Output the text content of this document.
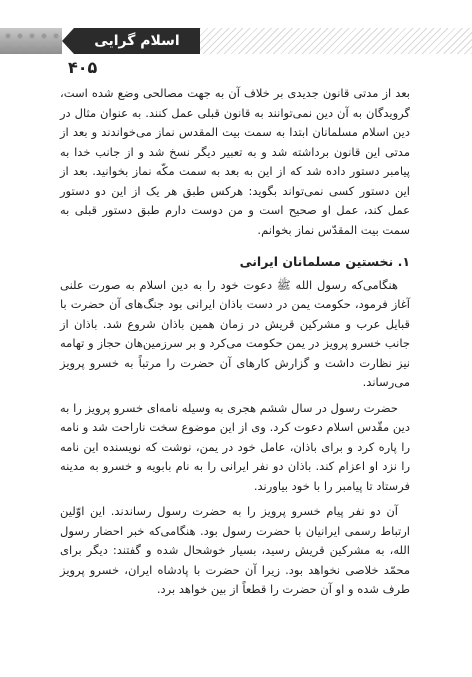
اسلام گرایی
۴۰۵

بعد از مدتی قانون جدیدی بر خلاف آن به جهت مصالحی وضع شده است، گرویدگان به آن دین نمی‌توانند به قانون قبلی عمل کنند. به عنوان مثال در دین اسلام مسلمانان ابتدا به سمت بیت المقدس نماز می‌خواندند و بعد از مدتی این قانون برداشته شد و به تعبیر دیگر نسخ شد و از جانب خدا به پیامبر دستور داده شد که از این به بعد به سمت مکّه نماز بخوانید. بعد از این دستور کسی نمی‌تواند بگوید: هرکس طبق هر یک از این دو دستور عمل کند، عمل او صحیح است و من دوست دارم طبق دستور قبلی به سمت بیت المقدّس نماز بخوانم.

۱. نخستین مسلمانان ایرانی

هنگامی‌که رسول الله ﷺ دعوت خود را به دین اسلام به صورت علنی آغاز فرمود، حکومت یمن در دست باذان ایرانی بود جنگ‌های آن حضرت با قبایل عرب و مشرکین قریش در زمان همین باذان شروع شد. باذان از جانب خسرو پرویز در یمن حکومت می‌کرد و بر سرزمین‌هان حجاز و تهامه نیز نظارت داشت و گزارش کارهای آن حضرت را مرتباً به خسرو پرویز می‌رساند.

حضرت رسول در سال ششم هجری به وسیله نامه‌ای خسرو پرویز را به دین مقّدس اسلام دعوت کرد. وی از این موضوع سخت ناراحت شد و نامه را پاره کرد و برای باذان، عامل خود در یمن، نوشت که نویسنده این نامه را نزد او اعزام کند. باذان دو نفر ایرانی را به نام بابویه و خسرو به مدینه فرستاد تا پیامبر را با خود بیاورند.

آن دو نفر پیام خسرو پرویز را به حضرت رسول رساندند. این اوّلین ارتباط رسمی ایرانیان با حضرت رسول بود. هنگامی‌که خبر احضار رسول الله، به مشرکین قریش رسید، بسیار خوشحال شده و گفتند: دیگر برای محمّد خلاصی نخواهد بود. زیرا آن حضرت با پادشاه ایران، خسرو پرویز طرف شده و او آن حضرت را قطعاً از بین خواهد برد.
